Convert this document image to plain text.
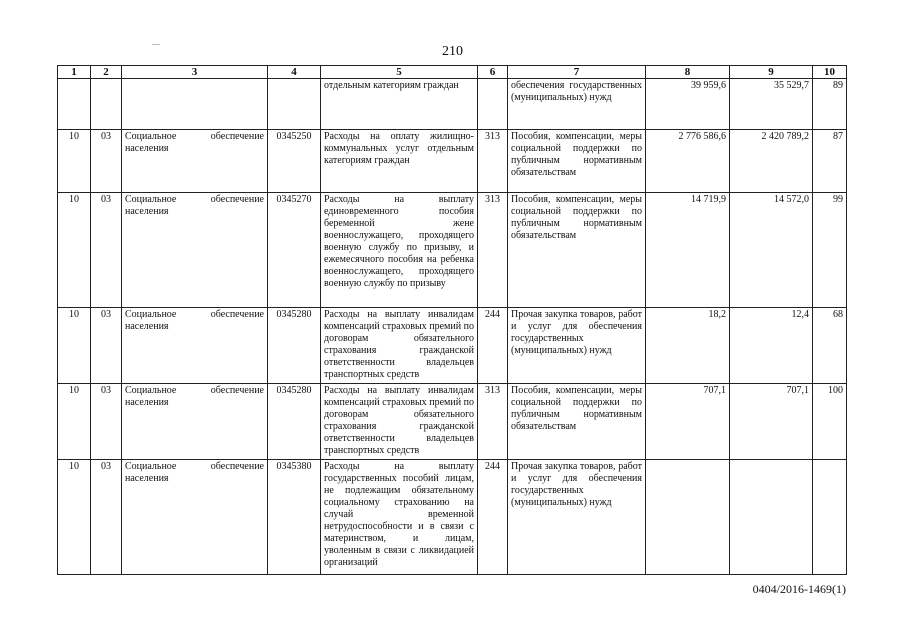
210
1	2	3	4	5	6	7	8	9	10
				отдельным категориям граждан		обеспечения государственных (муниципальных) нужд	39 959,6	35 529,7	89
10	03	Социальное обеспечение населения	0345250	Расходы на оплату жилищно-коммунальных услуг отдельным категориям граждан	313	Пособия, компенсации, меры социальной поддержки по публичным нормативным обязательствам	2 776 586,6	2 420 789,2	87
10	03	Социальное обеспечение населения	0345270	Расходы на выплату единовременного пособия беременной жене военнослужащего, проходящего военную службу по призыву, и ежемесячного пособия на ребенка военнослужащего, проходящего военную службу по призыву	313	Пособия, компенсации, меры социальной поддержки по публичным нормативным обязательствам	14 719,9	14 572,0	99
10	03	Социальное обеспечение населения	0345280	Расходы на выплату инвалидам компенсаций страховых премий по договорам обязательного страхования гражданской ответственности владельцев транспортных средств	244	Прочая закупка товаров, работ и услуг для обеспечения государственных (муниципальных) нужд	18,2	12,4	68
10	03	Социальное обеспечение населения	0345280	Расходы на выплату инвалидам компенсаций страховых премий по договорам обязательного страхования гражданской ответственности владельцев транспортных средств	313	Пособия, компенсации, меры социальной поддержки по публичным нормативным обязательствам	707,1	707,1	100
10	03	Социальное обеспечение населения	0345380	Расходы на выплату государственных пособий лицам, не подлежащим обязательному социальному страхованию на случай временной нетрудоспособности и в связи с материнством, и лицам, уволенным в связи с ликвидацией организаций	244	Прочая закупка товаров, работ и услуг для обеспечения государственных (муниципальных) нужд			
0404/2016-1469(1)
